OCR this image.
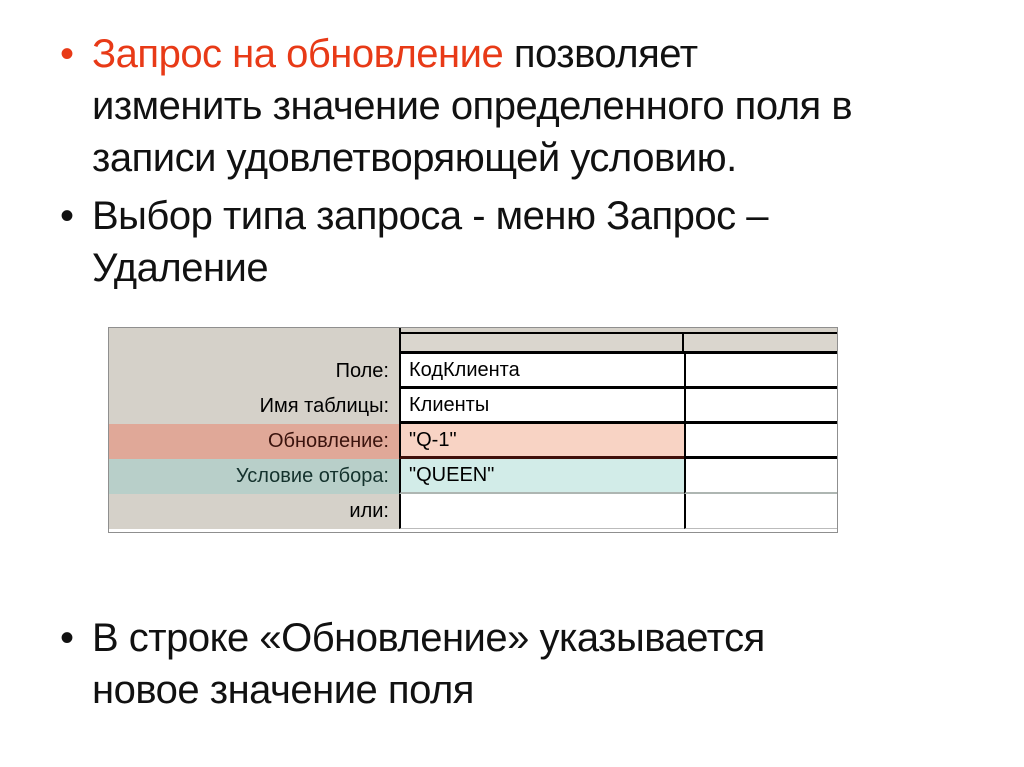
• Запрос на обновление позволяет
изменить значение определенного поля в
записи удовлетворяющей условию.
• Выбор типа запроса - меню Запрос –
Удаление
Поле:	КодКлиента
Имя таблицы:	Клиенты
Обновление:	"Q-1"
Условие отбора:	"QUEEN"
или:
• В строке «Обновление» указывается
новое значение поля
